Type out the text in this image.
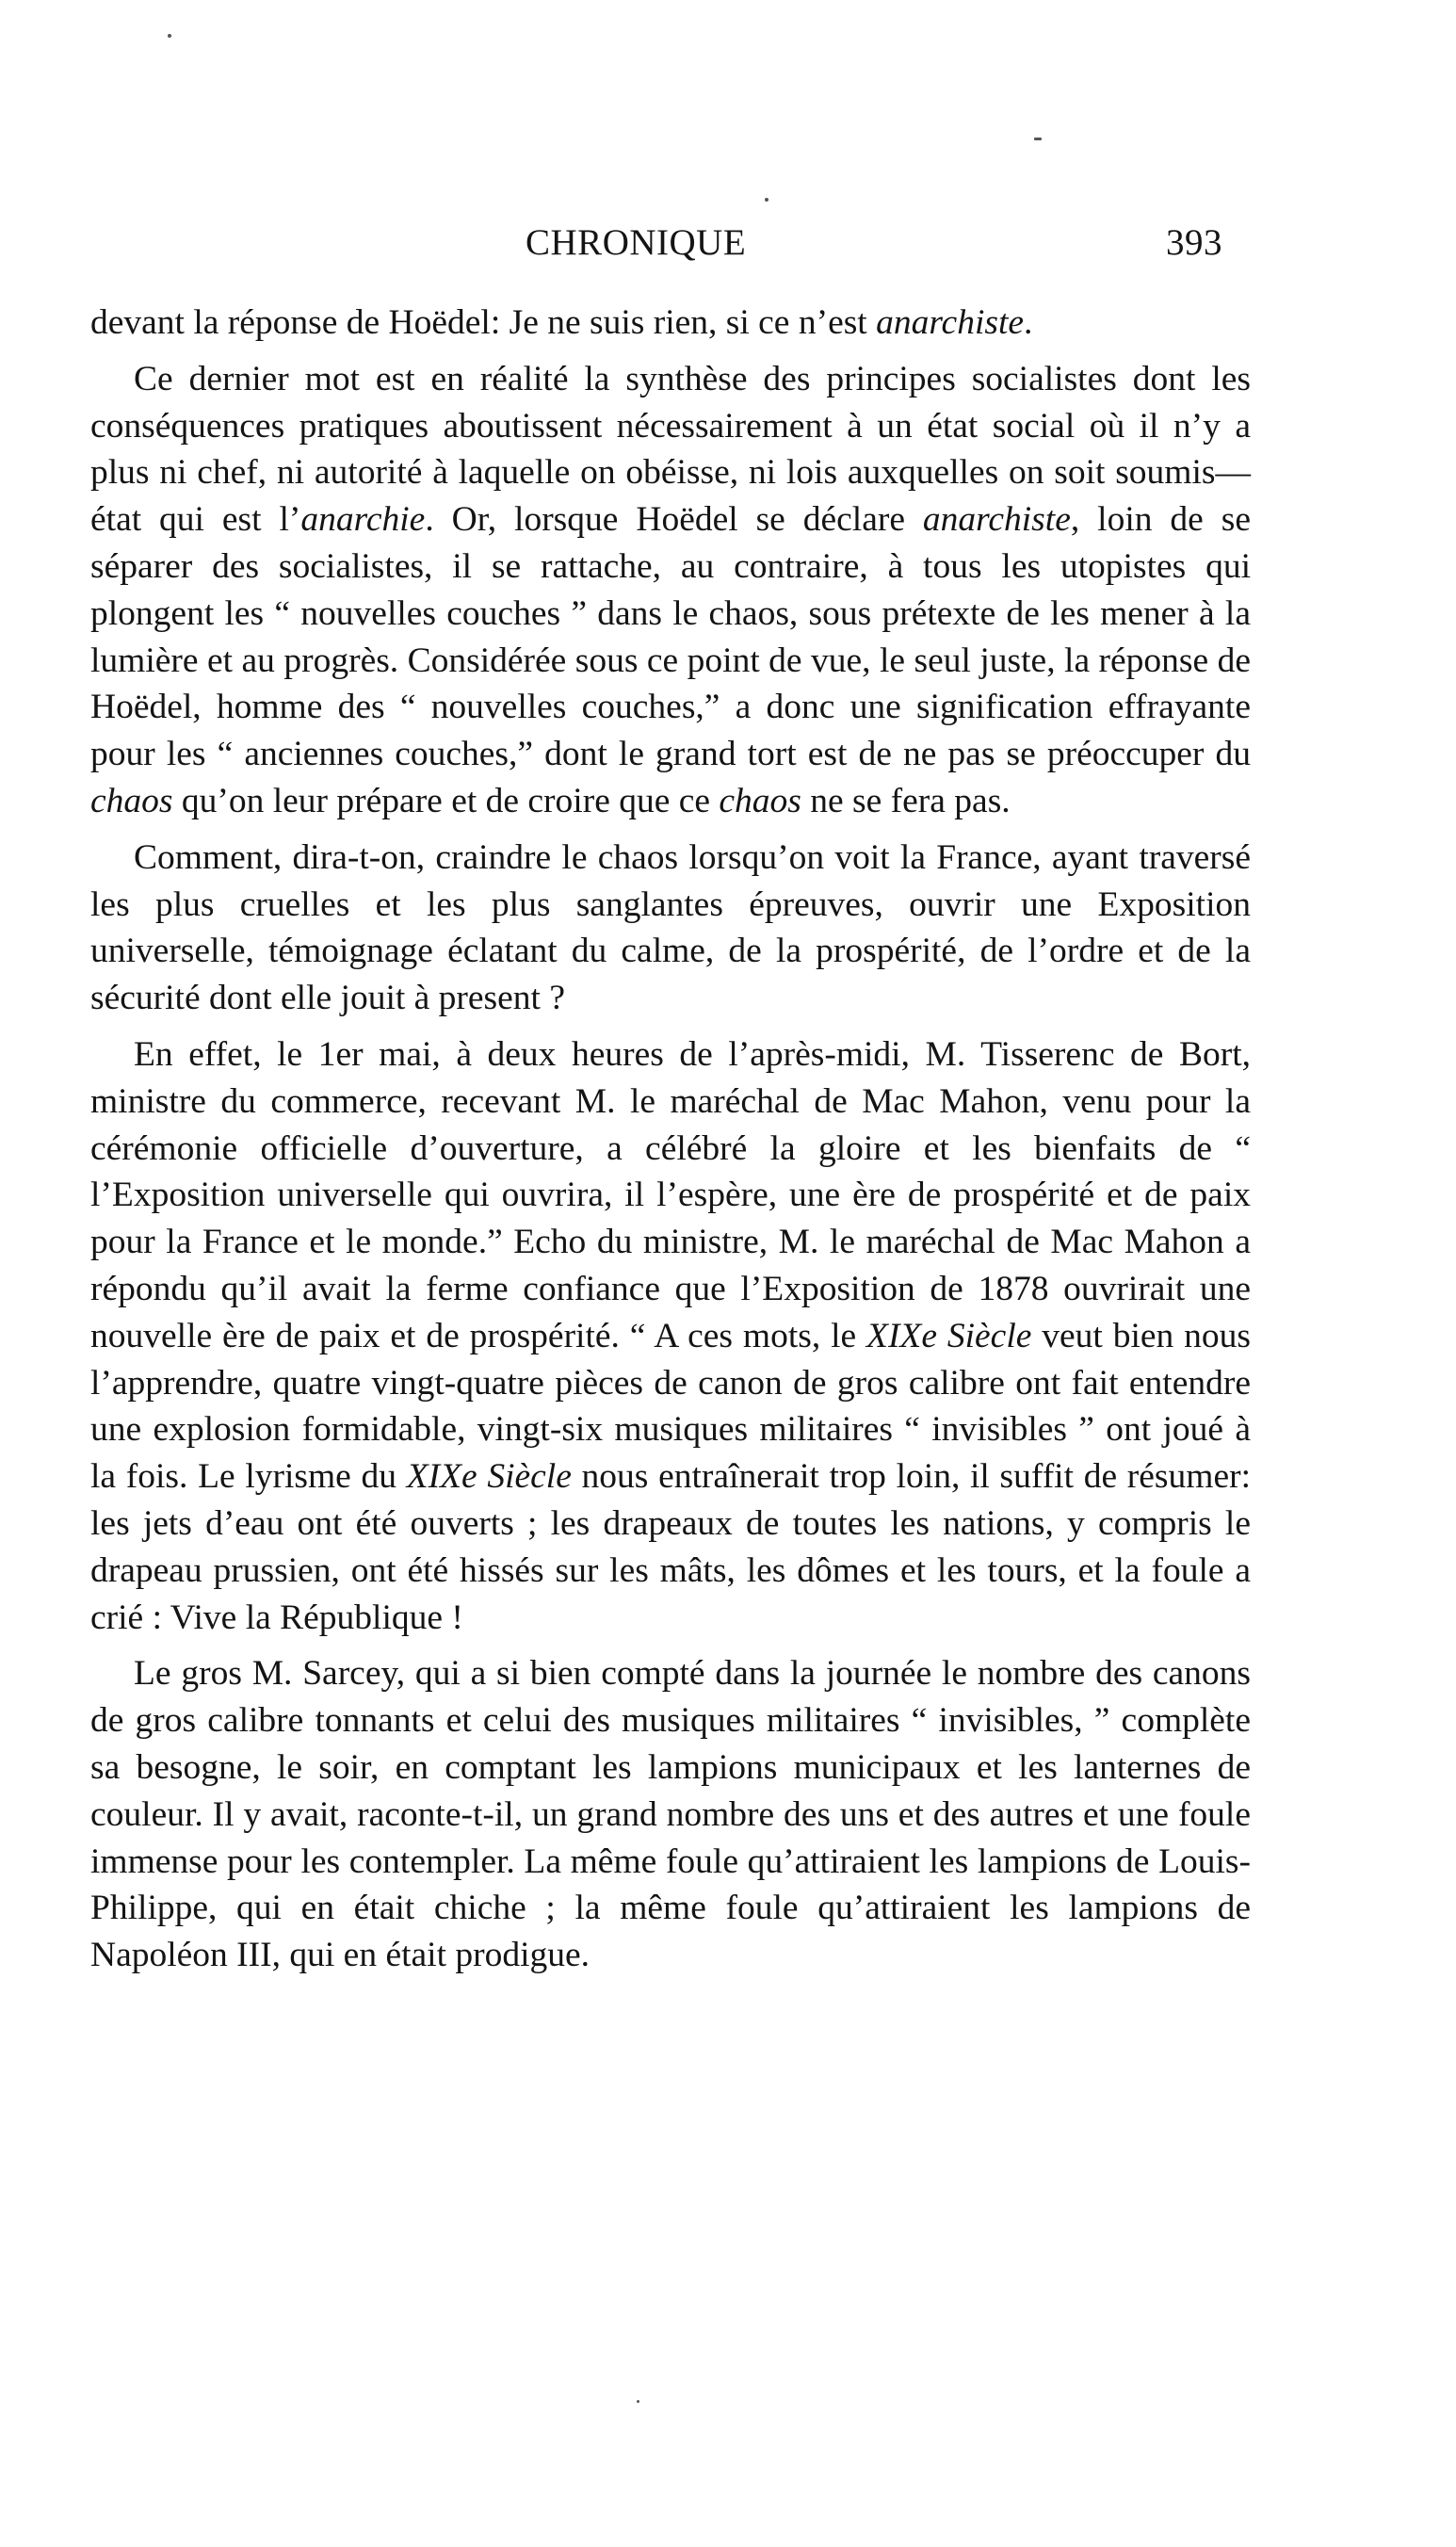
CHRONIQUE	393

devant la réponse de Hoëdel: Je ne suis rien, si ce n’est anarchiste.

Ce dernier mot est en réalité la synthèse des principes socialistes dont les conséquences pratiques aboutissent nécessairement à un état social où il n’y a plus ni chef, ni autorité à laquelle on obéisse, ni lois auxquelles on soit soumis—état qui est l’anarchie. Or, lorsque Hoëdel se déclare anarchiste, loin de se séparer des socialistes, il se rattache, au contraire, à tous les utopistes qui plongent les “ nouvelles couches ” dans le chaos, sous prétexte de les mener à la lumière et au progrès. Considérée sous ce point de vue, le seul juste, la réponse de Hoëdel, homme des “ nouvelles couches,” a donc une signification effrayante pour les “ anciennes couches,” dont le grand tort est de ne pas se préoccuper du chaos qu’on leur prépare et de croire que ce chaos ne se fera pas.

Comment, dira-t-on, craindre le chaos lorsqu’on voit la France, ayant traversé les plus cruelles et les plus sanglantes épreuves, ouvrir une Exposition universelle, témoignage éclatant du calme, de la prospérité, de l’ordre et de la sécurité dont elle jouit à present ?

En effet, le 1er mai, à deux heures de l’après-midi, M. Tisserenc de Bort, ministre du commerce, recevant M. le maréchal de Mac Mahon, venu pour la cérémonie officielle d’ouverture, a célébré la gloire et les bienfaits de “ l’Exposition universelle qui ouvrira, il l’espère, une ère de prospérité et de paix pour la France et le monde.” Echo du ministre, M. le maréchal de Mac Mahon a répondu qu’il avait la ferme confiance que l’Exposition de 1878 ouvrirait une nouvelle ère de paix et de prospérité. “ A ces mots, le XIXe Siècle veut bien nous l’apprendre, quatre vingt-quatre pièces de canon de gros calibre ont fait entendre une explosion formidable, vingt-six musiques militaires “ invisibles ” ont joué à la fois. Le lyrisme du XIXe Siècle nous entraînerait trop loin, il suffit de résumer: les jets d’eau ont été ouverts ; les drapeaux de toutes les nations, y compris le drapeau prussien, ont été hissés sur les mâts, les dômes et les tours, et la foule a crié : Vive la République !

Le gros M. Sarcey, qui a si bien compté dans la journée le nombre des canons de gros calibre tonnants et celui des musiques militaires “ invisibles, ” complète sa besogne, le soir, en comptant les lampions municipaux et les lanternes de couleur. Il y avait, raconte-t-il, un grand nombre des uns et des autres et une foule immense pour les contempler. La même foule qu’attiraient les lampions de Louis-Philippe, qui en était chiche ; la même foule qu’attiraient les lampions de Napoléon III, qui en était prodigue.
